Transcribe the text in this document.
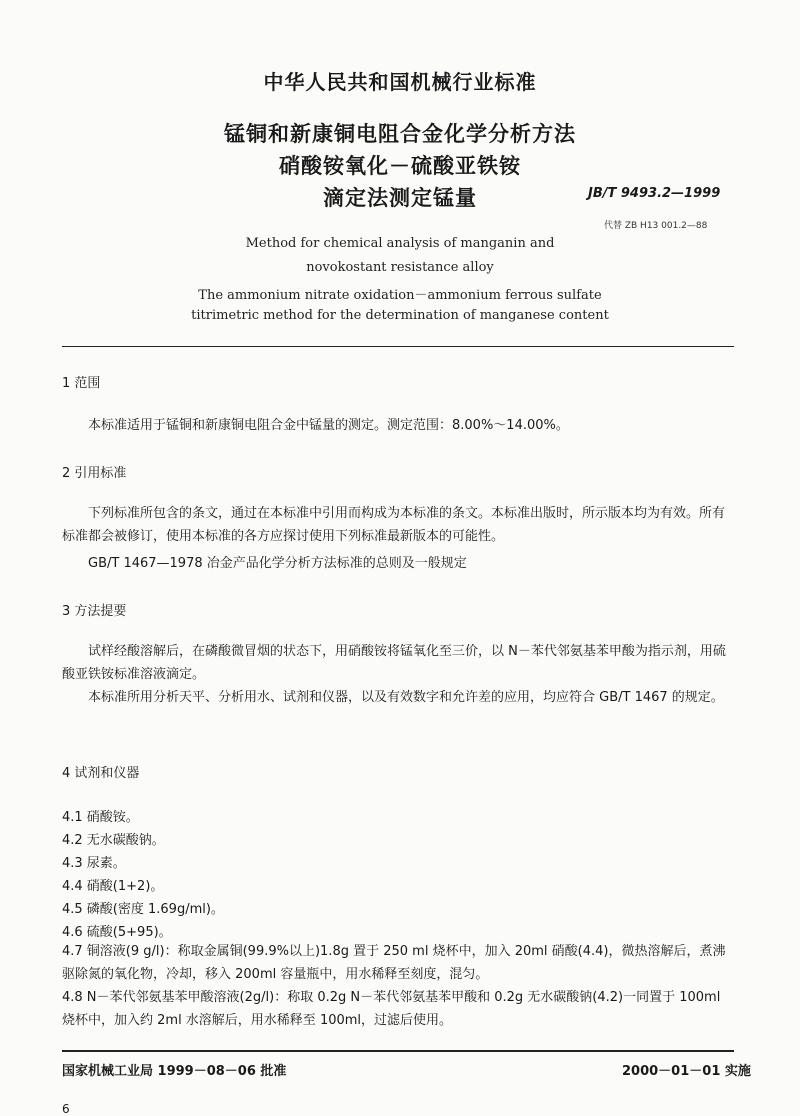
中华人民共和国机械行业标准
锰铜和新康铜电阻合金化学分析方法
硝酸铵氧化－硫酸亚铁铵
滴定法测定锰量	JB/T 9493.2—1999
代替 ZB H13 001.2—88
Method for chemical analysis of manganin and
novokostant resistance alloy
The ammonium nitrate oxidation－ammonium ferrous sulfate
titrimetric method for the determination of manganese content
1 范围
本标准适用于锰铜和新康铜电阻合金中锰量的测定。测定范围：8.00%～14.00%。
2 引用标准
下列标准所包含的条文，通过在本标准中引用而构成为本标准的条文。本标准出版时，所示版本均为有效。所有标准都会被修订，使用本标准的各方应探讨使用下列标准最新版本的可能性。
GB/T 1467—1978 冶金产品化学分析方法标准的总则及一般规定
3 方法提要
试样经酸溶解后，在磷酸微冒烟的状态下，用硝酸铵将锰氧化至三价，以 N－苯代邻氨基苯甲酸为指示剂，用硫酸亚铁铵标准溶液滴定。
本标准所用分析天平、分析用水、试剂和仪器，以及有效数字和允许差的应用，均应符合 GB/T 1467 的规定。
4 试剂和仪器
4.1 硝酸铵。
4.2 无水碳酸钠。
4.3 尿素。
4.4 硝酸(1+2)。
4.5 磷酸(密度 1.69g/ml)。
4.6 硫酸(5+95)。
4.7 铜溶液(9 g/l)：称取金属铜(99.9%以上)1.8g 置于 250 ml 烧杯中，加入 20ml 硝酸(4.4)，微热溶解后，煮沸驱除氮的氧化物，冷却，移入 200ml 容量瓶中，用水稀释至刻度，混匀。
4.8 N－苯代邻氨基苯甲酸溶液(2g/l)：称取 0.2g N－苯代邻氨基苯甲酸和 0.2g 无水碳酸钠(4.2)一同置于 100ml 烧杯中，加入约 2ml 水溶解后，用水稀释至 100ml，过滤后使用。
国家机械工业局 1999－08－06 批准	2000－01－01 实施
6
